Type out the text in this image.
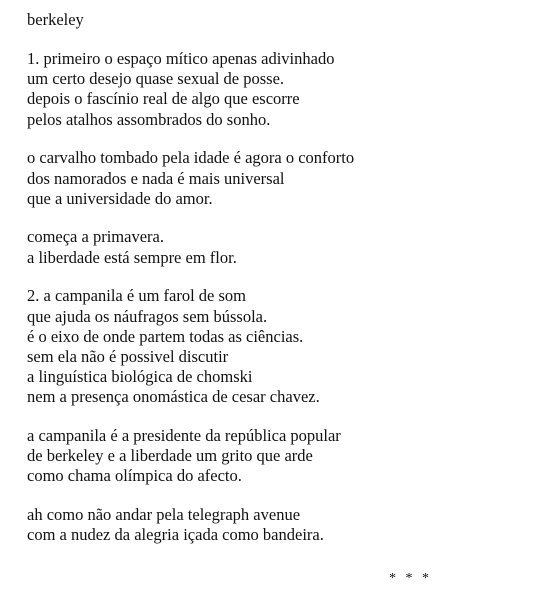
berkeley
1. primeiro o espaço mítico apenas adivinhado
um certo desejo quase sexual de posse.
depois o fascínio real de algo que escorre
pelos atalhos assombrados do sonho.
o carvalho tombado pela idade é agora o conforto
dos namorados e nada é mais universal
que a universidade do amor.
começa a primavera.
a liberdade está sempre em flor.
2. a campanila é um farol de som
que ajuda os náufragos sem bússola.
é o eixo de onde partem todas as ciências.
sem ela não é possivel discutir
a linguística biológica de chomski
nem a presença onomástica de cesar chavez.
a campanila é a presidente da república popular
de berkeley e a liberdade um grito que arde
como chama olímpica do afecto.
ah como não andar pela telegraph avenue
com a nudez da alegria içada como bandeira.
* * *
